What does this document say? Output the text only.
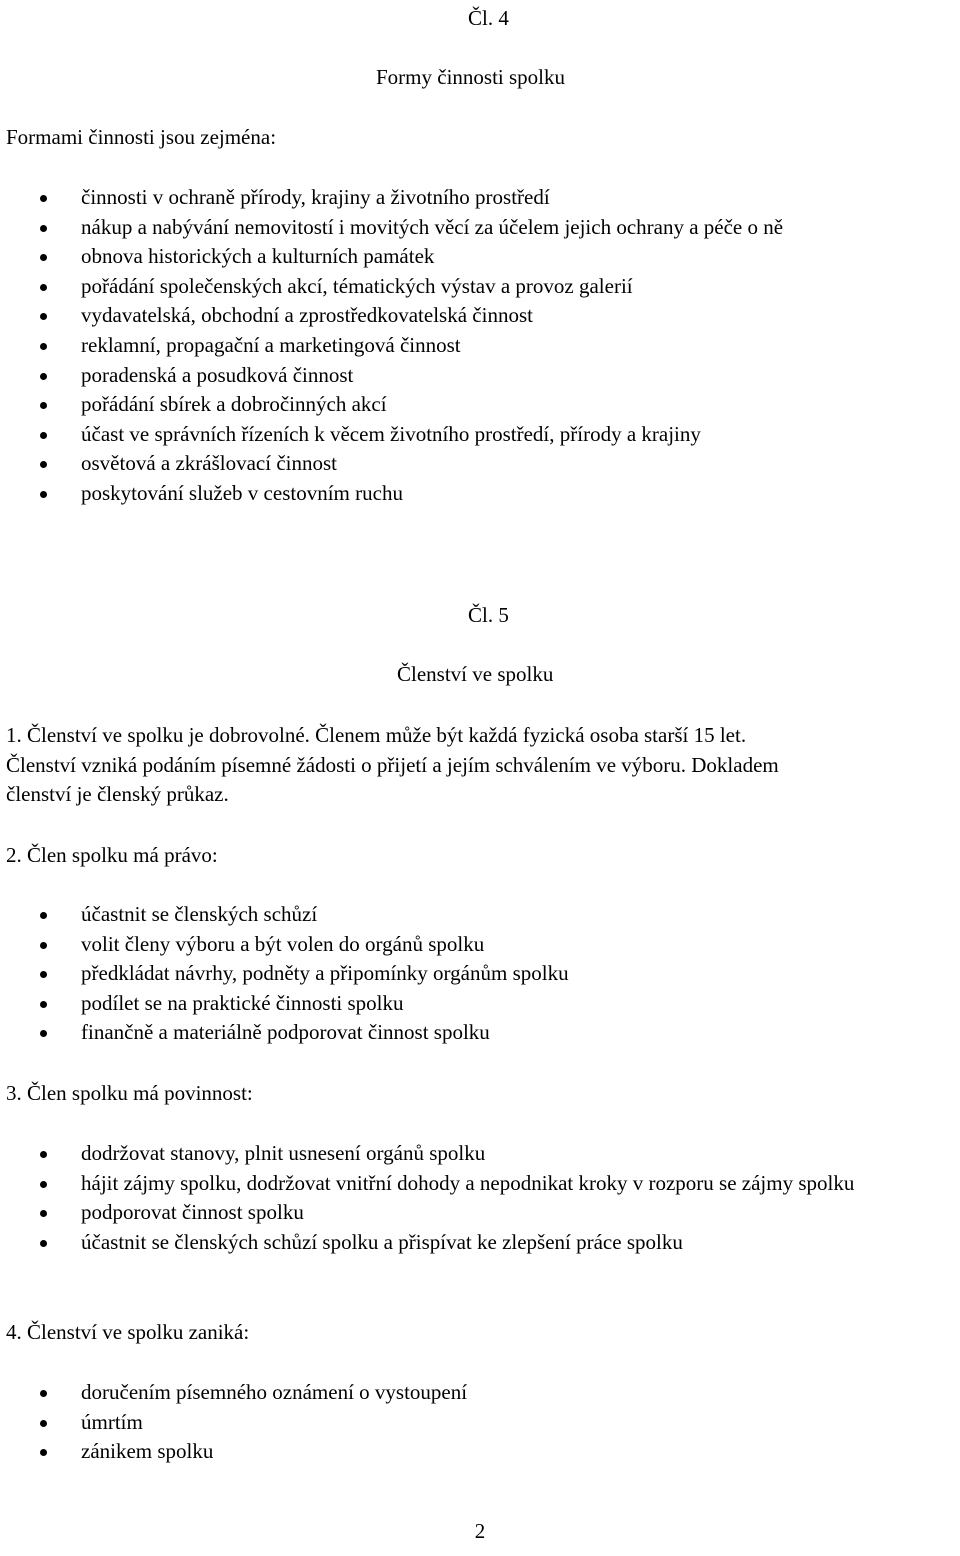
Čl. 4
Formy činnosti spolku
Formami činnosti jsou zejména:
činnosti v ochraně přírody, krajiny a životního prostředí
nákup a nabývání nemovitostí i movitých věcí za účelem jejich ochrany a péče o ně
obnova historických a kulturních památek
pořádání společenských akcí, tématických výstav a provoz galerií
vydavatelská, obchodní a zprostředkovatelská činnost
reklamní, propagační a marketingová činnost
poradenská a posudková činnost
pořádání sbírek a dobročinných akcí
účast ve správních řízeních k věcem životního prostředí, přírody a krajiny
osvětová a zkrášlovací činnost
poskytování služeb v cestovním ruchu
Čl. 5
Členství ve spolku
1. Členství ve spolku je dobrovolné. Členem může být každá fyzická osoba starší 15 let.
Členství vzniká podáním písemné žádosti o přijetí a jejím schválením ve výboru. Dokladem
členství je členský průkaz.
2. Člen spolku má právo:
účastnit se členských schůzí
volit členy výboru a být volen do orgánů spolku
předkládat návrhy, podněty a připomínky orgánům spolku
podílet se na praktické činnosti spolku
finančně a materiálně podporovat činnost spolku
3. Člen spolku má povinnost:
dodržovat stanovy, plnit usnesení orgánů spolku
hájit zájmy spolku, dodržovat vnitřní dohody a nepodnikat kroky v rozporu se zájmy spolku
podporovat činnost spolku
účastnit se členských schůzí spolku a přispívat ke zlepšení práce spolku
4. Členství ve spolku zaniká:
doručením písemného oznámení o vystoupení
úmrtím
zánikem spolku
2
